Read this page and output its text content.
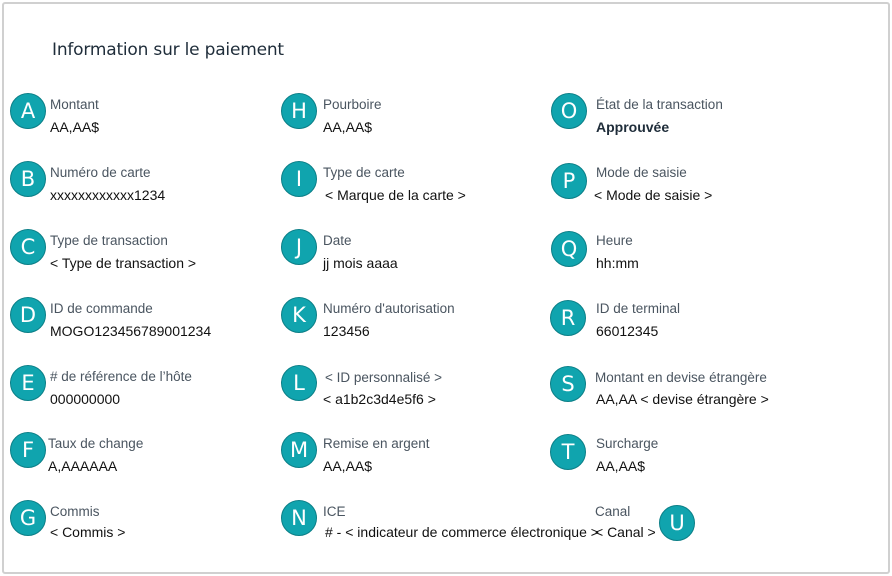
Information sur le paiement
A	Montant
AA,AA$
B	Numéro de carte
xxxxxxxxxxxx1234
C	Type de transaction
< Type de transaction >
D	ID de commande
MOGO123456789001234
E	# de référence de l’hôte
000000000
F	Taux de change
A,AAAAAA
G	Commis
< Commis >
H	Pourboire
AA,AA$
I	Type de carte
< Marque de la carte >
J	Date
jj mois aaaa
K	Numéro d'autorisation
123456
L	< ID personnalisé >
< a1b2c3d4e5f6 >
M	Remise en argent
AA,AA$
N	ICE
# - < indicateur de commerce électronique >
O	État de la transaction
Approuvée
P	Mode de saisie
< Mode de saisie >
Q	Heure
hh:mm
R	ID de terminal
66012345
S	Montant en devise étrangère
AA,AA < devise étrangère >
T	Surcharge
AA,AA$
Canal
< Canal > U
